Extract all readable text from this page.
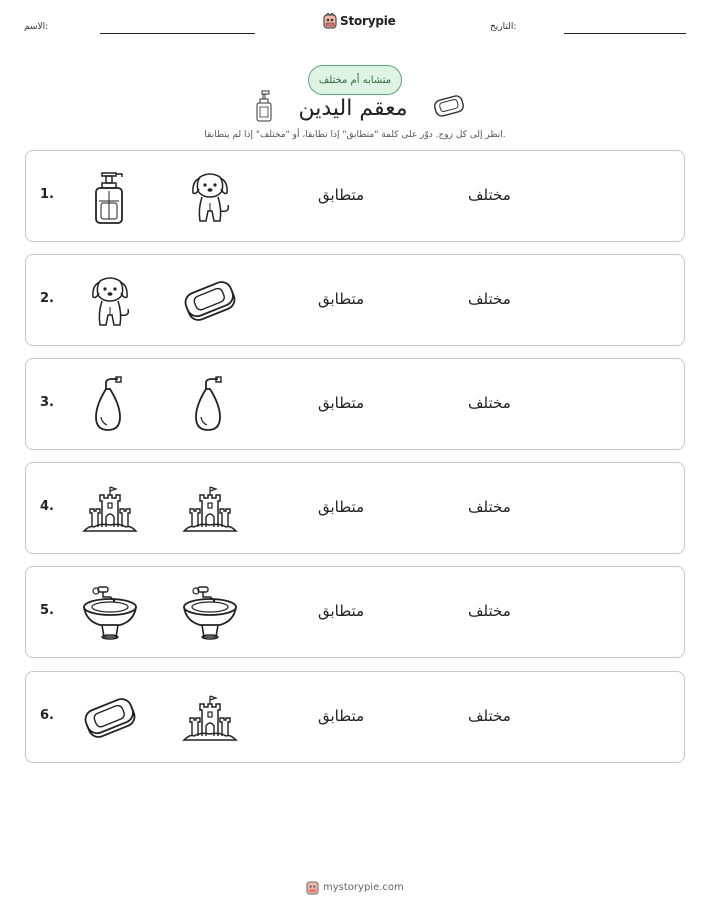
الاسم:	Storypie	التاريخ:
متشابه أم مختلف
معقم اليدين
انظر إلى كل زوج. دوّر على كلمة "متطابق" إذا تطابقا، أو "مختلف" إذا لم يتطابقا.
1.	متطابق	مختلف
2.	متطابق	مختلف
3.	متطابق	مختلف
4.	متطابق	مختلف
5.	متطابق	مختلف
6.	متطابق	مختلف
mystorypie.com
